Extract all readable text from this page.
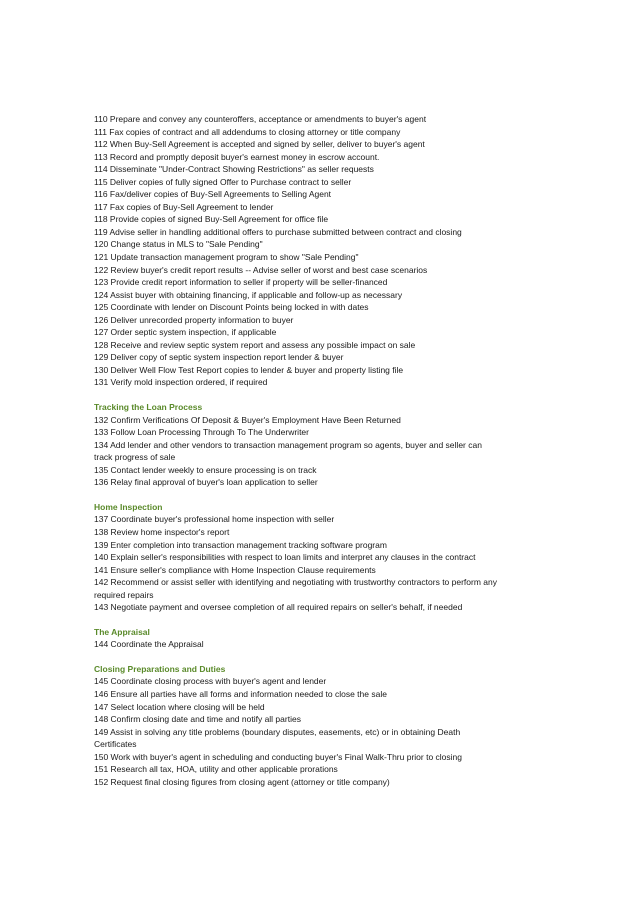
110 Prepare and convey any counteroffers, acceptance or amendments to buyer's agent
111 Fax copies of contract and all addendums to closing attorney or title company
112 When Buy-Sell Agreement is accepted and signed by seller, deliver to buyer's agent
113 Record and promptly deposit buyer's earnest money in escrow account.
114 Disseminate "Under-Contract Showing Restrictions" as seller requests
115 Deliver copies of fully signed Offer to Purchase contract to seller
116 Fax/deliver copies of Buy-Sell Agreements to Selling Agent
117 Fax copies of Buy-Sell Agreement to lender
118 Provide copies of signed Buy-Sell Agreement for office file
119 Advise seller in handling additional offers to purchase submitted between contract and closing
120 Change status in MLS to "Sale Pending"
121 Update transaction management program to show "Sale Pending"
122 Review buyer's credit report results -- Advise seller of worst and best case scenarios
123 Provide credit report information to seller if property will be seller-financed
124 Assist buyer with obtaining financing, if applicable and follow-up as necessary
125 Coordinate with lender on Discount Points being locked in with dates
126 Deliver unrecorded property information to buyer
127 Order septic system inspection, if applicable
128 Receive and review septic system report and assess any possible impact on sale
129 Deliver copy of septic system inspection report lender & buyer
130 Deliver Well Flow Test Report copies to lender & buyer and property listing file
131 Verify mold inspection ordered, if required
Tracking the Loan Process
132 Confirm Verifications Of Deposit & Buyer's Employment Have Been Returned
133 Follow Loan Processing Through To The Underwriter
134 Add lender and other vendors to transaction management program so agents, buyer and seller can
track progress of sale
135 Contact lender weekly to ensure processing is on track
136 Relay final approval of buyer's loan application to seller
Home Inspection
137 Coordinate buyer's professional home inspection with seller
138 Review home inspector's report
139 Enter completion into transaction management tracking software program
140 Explain seller's responsibilities with respect to loan limits and interpret any clauses in the contract
141 Ensure seller's compliance with Home Inspection Clause requirements
142 Recommend or assist seller with identifying and negotiating with trustworthy contractors to perform any
required repairs
143 Negotiate payment and oversee completion of all required repairs on seller's behalf, if needed
The Appraisal
144 Coordinate the Appraisal
Closing Preparations and Duties
145 Coordinate closing process with buyer's agent and lender
146 Ensure all parties have all forms and information needed to close the sale
147 Select location where closing will be held
148 Confirm closing date and time and notify all parties
149 Assist in solving any title problems (boundary disputes, easements, etc) or in obtaining Death
Certificates
150 Work with buyer's agent in scheduling and conducting buyer's Final Walk-Thru prior to closing
151 Research all tax, HOA, utility and other applicable prorations
152 Request final closing figures from closing agent (attorney or title company)
